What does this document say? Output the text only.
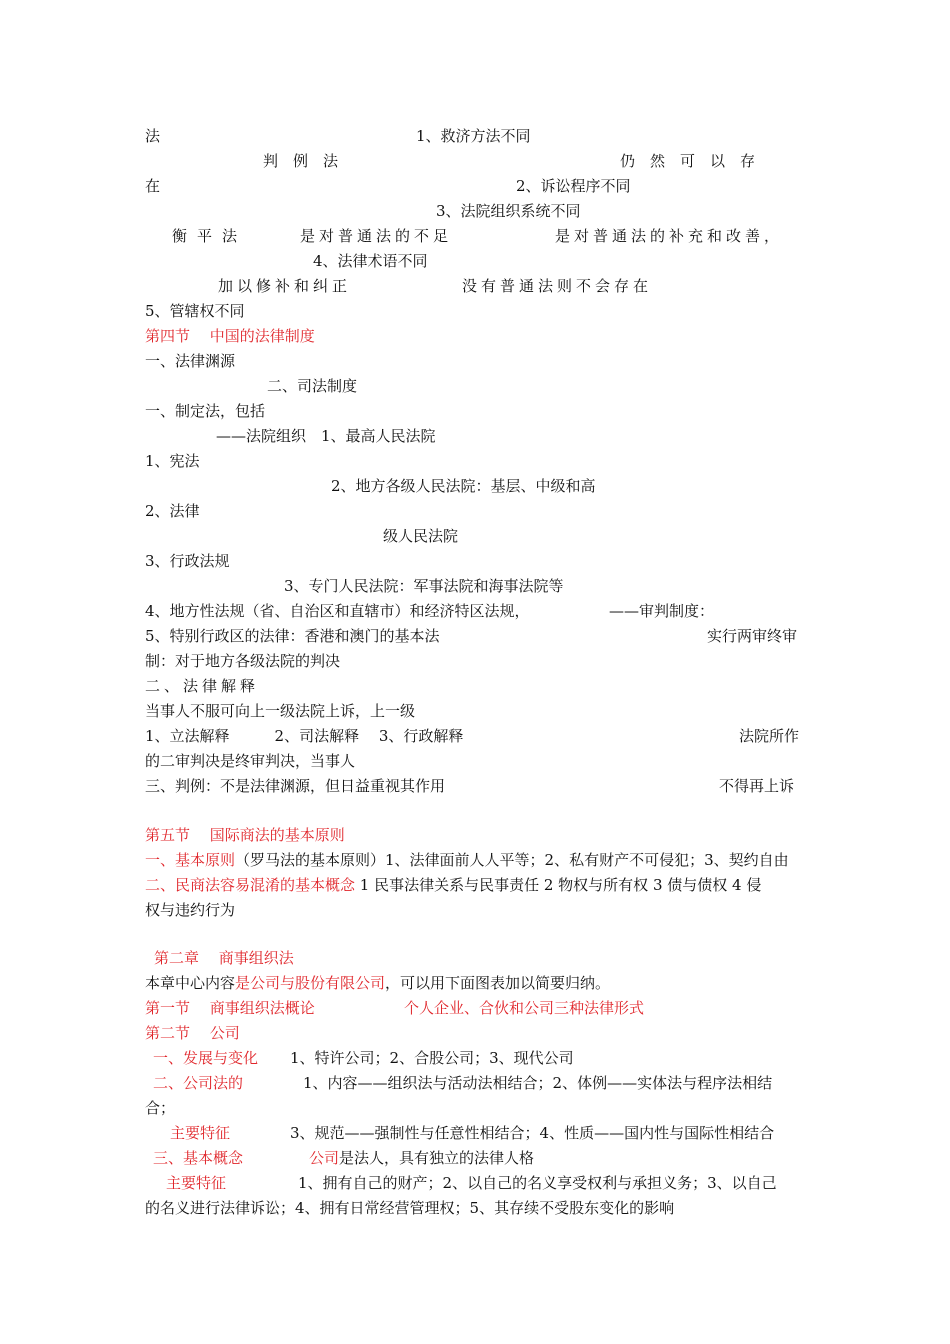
法	1、救济方法不同
判　例　法	仍　然　可　以　存
在	2、诉讼程序不同
3、法院组织系统不同
衡平法	是对普通法的不足	是对普通法的补充和改善，
4、法律术语不同
加以修补和纠正	没有普通法则不会存在
5、管辖权不同
第四节　 中国的法律制度
一、法律渊源
二、司法制度
一、制定法，包括
——法院组织　1、最高人民法院
1、宪法
2、地方各级人民法院：基层、中级和高
2、法律
级人民法院
3、行政法规
3、专门人民法院：军事法院和海事法院等
4、地方性法规（省、自治区和直辖市）和经济特区法规，	——审判制度：
5、特别行政区的法律：香港和澳门的基本法	实行两审终审
制：对于地方各级法院的判决
二、法律解释
当事人不服可向上一级法院上诉，上一级
1、立法解释　　　2、司法解释　 3、行政解释	法院所作
的二审判决是终审判决，当事人
三、判例：不是法律渊源，但日益重视其作用	不得再上诉
第五节　 国际商法的基本原则
一、基本原则（罗马法的基本原则）1、法律面前人人平等；2、私有财产不可侵犯；3、契约自由
二、民商法容易混淆的基本概念 1 民事法律关系与民事责任 2 物权与所有权 3 债与债权 4 侵
权与违约行为
第二章　 商事组织法
本章中心内容是公司与股份有限公司，可以用下面图表加以简要归纳。
第一节　 商事组织法概论	个人企业、合伙和公司三种法律形式
第二节　 公司
一、发展与变化 1、特许公司；2、合股公司；3、现代公司
二、公司法的	1、内容——组织法与活动法相结合；2、体例——实体法与程序法相结
合；
主要特征	3、规范——强制性与任意性相结合；4、性质——国内性与国际性相结合
三、基本概念	公司是法人，具有独立的法律人格
主要特征	1、拥有自己的财产；2、以自己的名义享受权利与承担义务；3、以自己
的名义进行法律诉讼；4、拥有日常经营管理权；5、其存续不受股东变化的影响
